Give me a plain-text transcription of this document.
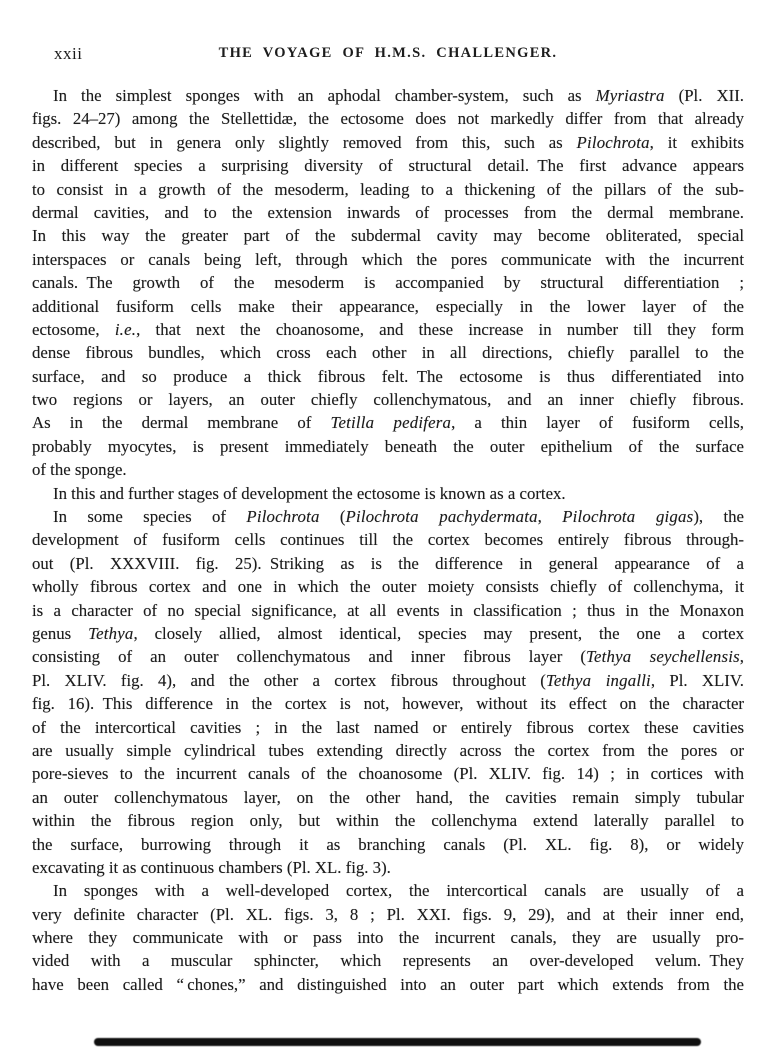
xxii	THE VOYAGE OF H.M.S. CHALLENGER.
In the simplest sponges with an aphodal chamber-system, such as Myriastra (Pl. XII.
figs. 24–27) among the Stellettidæ, the ectosome does not markedly differ from that already
described, but in genera only slightly removed from this, such as Pilochrota, it exhibits
in different species a surprising diversity of structural detail. The first advance appears
to consist in a growth of the mesoderm, leading to a thickening of the pillars of the sub-
dermal cavities, and to the extension inwards of processes from the dermal membrane.
In this way the greater part of the subdermal cavity may become obliterated, special
interspaces or canals being left, through which the pores communicate with the incurrent
canals. The growth of the mesoderm is accompanied by structural differentiation ;
additional fusiform cells make their appearance, especially in the lower layer of the
ectosome, i.e., that next the choanosome, and these increase in number till they form
dense fibrous bundles, which cross each other in all directions, chiefly parallel to the
surface, and so produce a thick fibrous felt. The ectosome is thus differentiated into
two regions or layers, an outer chiefly collenchymatous, and an inner chiefly fibrous.
As in the dermal membrane of Tetilla pedifera, a thin layer of fusiform cells,
probably myocytes, is present immediately beneath the outer epithelium of the surface
of the sponge.
In this and further stages of development the ectosome is known as a cortex.
In some species of Pilochrota (Pilochrota pachydermata, Pilochrota gigas), the
development of fusiform cells continues till the cortex becomes entirely fibrous through-
out (Pl. XXXVIII. fig. 25). Striking as is the difference in general appearance of a
wholly fibrous cortex and one in which the outer moiety consists chiefly of collenchyma, it
is a character of no special significance, at all events in classification ; thus in the Monaxon
genus Tethya, closely allied, almost identical, species may present, the one a cortex
consisting of an outer collenchymatous and inner fibrous layer (Tethya seychellensis,
Pl. XLIV. fig. 4), and the other a cortex fibrous throughout (Tethya ingalli, Pl. XLIV.
fig. 16). This difference in the cortex is not, however, without its effect on the character
of the intercortical cavities ; in the last named or entirely fibrous cortex these cavities
are usually simple cylindrical tubes extending directly across the cortex from the pores or
pore-sieves to the incurrent canals of the choanosome (Pl. XLIV. fig. 14) ; in cortices with
an outer collenchymatous layer, on the other hand, the cavities remain simply tubular
within the fibrous region only, but within the collenchyma extend laterally parallel to
the surface, burrowing through it as branching canals (Pl. XL. fig. 8), or widely
excavating it as continuous chambers (Pl. XL. fig. 3).
In sponges with a well-developed cortex, the intercortical canals are usually of a
very definite character (Pl. XL. figs. 3, 8 ; Pl. XXI. figs. 9, 29), and at their inner end,
where they communicate with or pass into the incurrent canals, they are usually pro-
vided with a muscular sphincter, which represents an over-developed velum. They
have been called “ chones,” and distinguished into an outer part which extends from the
